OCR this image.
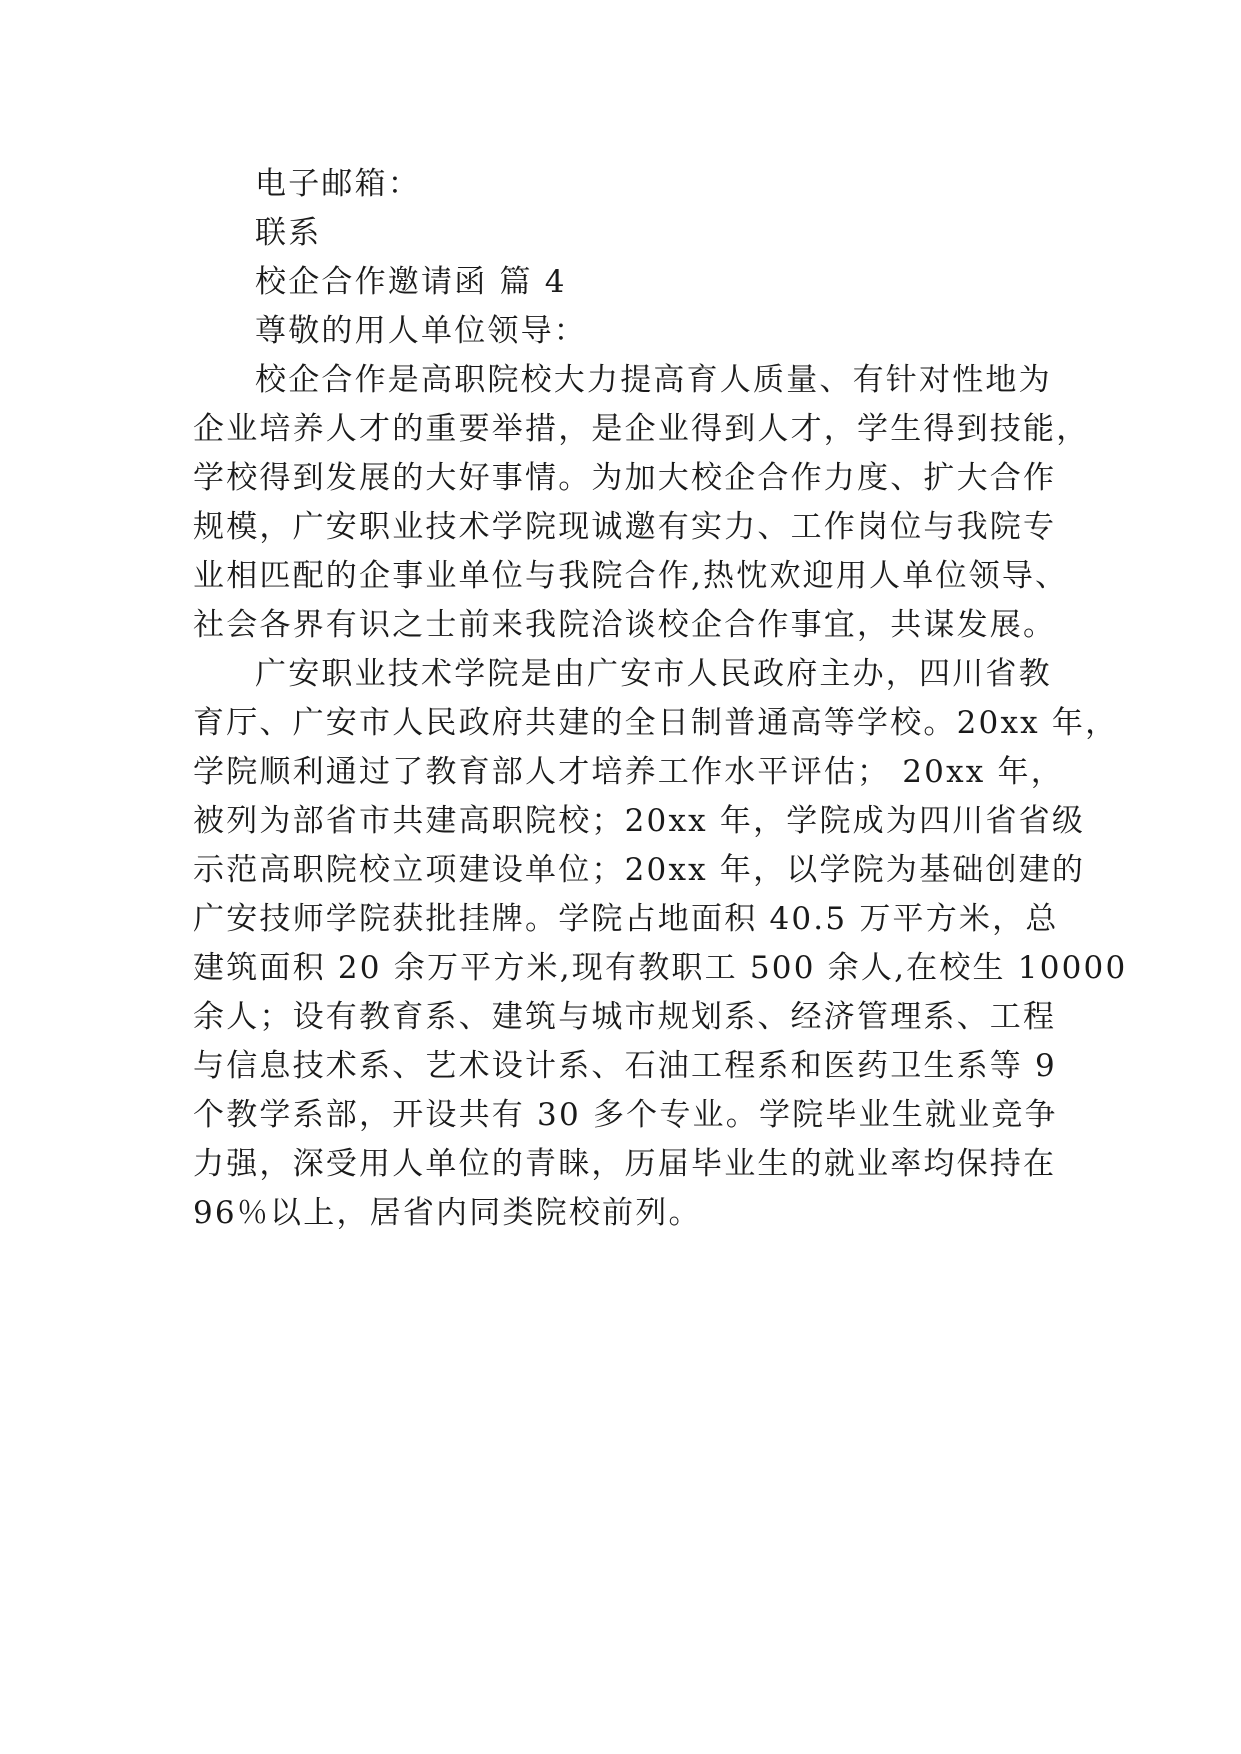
电子邮箱：
联系
校企合作邀请函 篇 4
尊敬的用人单位领导：
校企合作是高职院校大力提高育人质量、有针对性地为
企业培养人才的重要举措，是企业得到人才，学生得到技能，
学校得到发展的大好事情。为加大校企合作力度、扩大合作
规模，广安职业技术学院现诚邀有实力、工作岗位与我院专
业相匹配的企事业单位与我院合作,热忱欢迎用人单位领导、
社会各界有识之士前来我院洽谈校企合作事宜，共谋发展。
广安职业技术学院是由广安市人民政府主办，四川省教
育厅、广安市人民政府共建的全日制普通高等学校。20xx 年，
学院顺利通过了教育部人才培养工作水平评估； 20xx 年，
被列为部省市共建高职院校；20xx 年，学院成为四川省省级
示范高职院校立项建设单位；20xx 年，以学院为基础创建的
广安技师学院获批挂牌。学院占地面积 40.5 万平方米，总
建筑面积 20 余万平方米,现有教职工 500 余人,在校生 10000
余人；设有教育系、建筑与城市规划系、经济管理系、工程
与信息技术系、艺术设计系、石油工程系和医药卫生系等 9
个教学系部，开设共有 30 多个专业。学院毕业生就业竞争
力强，深受用人单位的青睐，历届毕业生的就业率均保持在
96％以上，居省内同类院校前列。
